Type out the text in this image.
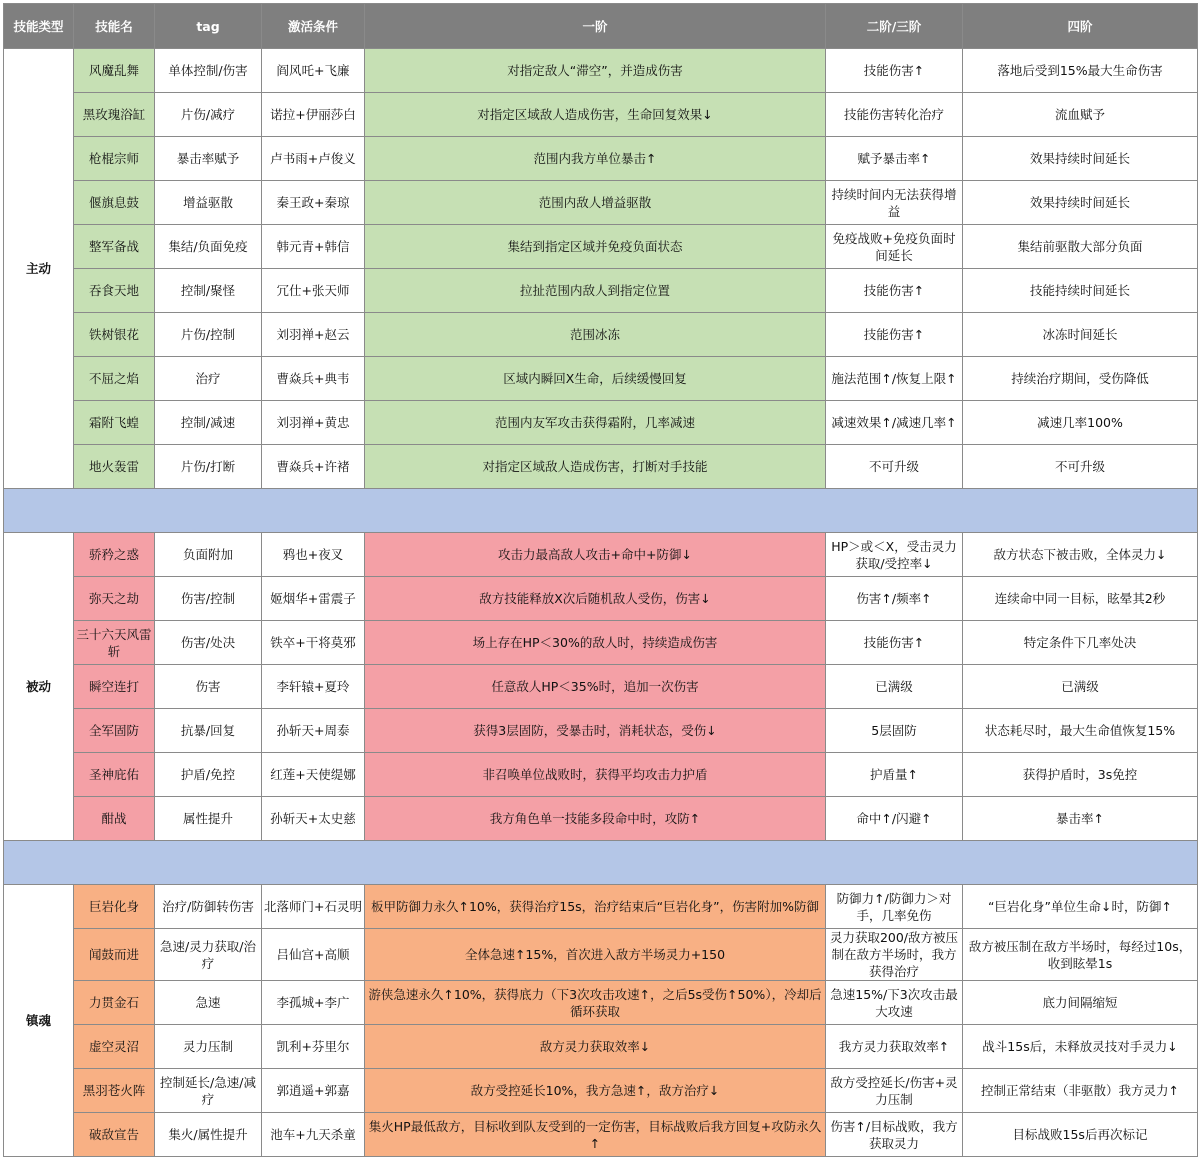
技能类型	技能名	tag	激活条件	一阶	二阶/三阶	四阶
主动	风魔乱舞	单体控制/伤害	阎风吒+飞廉	对指定敌人“滞空”，并造成伤害	技能伤害↑	落地后受到15%最大生命伤害
	黑玫瑰浴缸	片伤/减疗	诺拉+伊丽莎白	对指定区域敌人造成伤害，生命回复效果↓	技能伤害转化治疗	流血赋予
	枪棍宗师	暴击率赋予	卢书雨+卢俊义	范围内我方单位暴击↑	赋予暴击率↑	效果持续时间延长
	偃旗息鼓	增益驱散	秦王政+秦琼	范围内敌人增益驱散	持续时间内无法获得增益	效果持续时间延长
	整军备战	集结/负面免疫	韩元青+韩信	集结到指定区域并免疫负面状态	免疫战败+免疫负面时间延长	集结前驱散大部分负面
	吞食天地	控制/聚怪	冗仕+张天师	拉扯范围内敌人到指定位置	技能伤害↑	技能持续时间延长
	铁树银花	片伤/控制	刘羽禅+赵云	范围冰冻	技能伤害↑	冰冻时间延长
	不屈之焰	治疗	曹焱兵+典韦	区域内瞬回X生命，后续缓慢回复	施法范围↑/恢复上限↑	持续治疗期间，受伤降低
	霜附飞蝗	控制/减速	刘羽禅+黄忠	范围内友军攻击获得霜附，几率减速	减速效果↑/减速几率↑	减速几率100%
	地火轰雷	片伤/打断	曹焱兵+许褚	对指定区域敌人造成伤害，打断对手技能	不可升级	不可升级

被动	骄矜之惑	负面附加	鸦也+夜叉	攻击力最高敌人攻击+命中+防御↓	HP＞或＜X，受击灵力获取/受控率↓	敌方状态下被击败，全体灵力↓
	弥天之劫	伤害/控制	姬烟华+雷震子	敌方技能释放X次后随机敌人受伤，伤害↓	伤害↑/频率↑	连续命中同一目标，眩晕其2秒
	三十六天风雷斩	伤害/处决	铁卒+干将莫邪	场上存在HP＜30%的敌人时，持续造成伤害	技能伤害↑	特定条件下几率处决
	瞬空连打	伤害	李轩辕+夏玲	任意敌人HP＜35%时，追加一次伤害	已满级	已满级
	全军固防	抗暴/回复	孙斩天+周泰	获得3层固防，受暴击时，消耗状态，受伤↓	5层固防	状态耗尽时，最大生命值恢复15%
	圣神庇佑	护盾/免控	红莲+天使缇娜	非召唤单位战败时，获得平均攻击力护盾	护盾量↑	获得护盾时，3s免控
	酣战	属性提升	孙斩天+太史慈	我方角色单一技能多段命中时，攻防↑	命中↑/闪避↑	暴击率↑

镇魂	巨岩化身	治疗/防御转伤害	北落师门+石灵明	板甲防御力永久↑10%，获得治疗15s，治疗结束后“巨岩化身”，伤害附加%防御	防御力↑/防御力＞对手，几率免伤	“巨岩化身”单位生命↓时，防御↑
	闻鼓而进	急速/灵力获取/治疗	吕仙宫+高顺	全体急速↑15%，首次进入敌方半场灵力+150	灵力获取200/敌方被压制在敌方半场时，我方获得治疗	敌方被压制在敌方半场时，每经过10s，收到眩晕1s
	力贯金石	急速	李孤城+李广	游侠急速永久↑10%，获得底力（下3次攻击攻速↑，之后5s受伤↑50%），冷却后循环获取	急速15%/下3次攻击最大攻速	底力间隔缩短
	虚空灵沼	灵力压制	凯利+芬里尔	敌方灵力获取效率↓	我方灵力获取效率↑	战斗15s后，未释放灵技对手灵力↓
	黑羽苍火阵	控制延长/急速/减疗	郭逍遥+郭嘉	敌方受控延长10%，我方急速↑，敌方治疗↓	敌方受控延长/伤害+灵力压制	控制正常结束（非驱散）我方灵力↑
	破敌宣告	集火/属性提升	池车+九天杀童	集火HP最低敌方，目标收到队友受到的一定伤害，目标战败后我方回复+攻防永久↑	伤害↑/目标战败，我方获取灵力	目标战败15s后再次标记
